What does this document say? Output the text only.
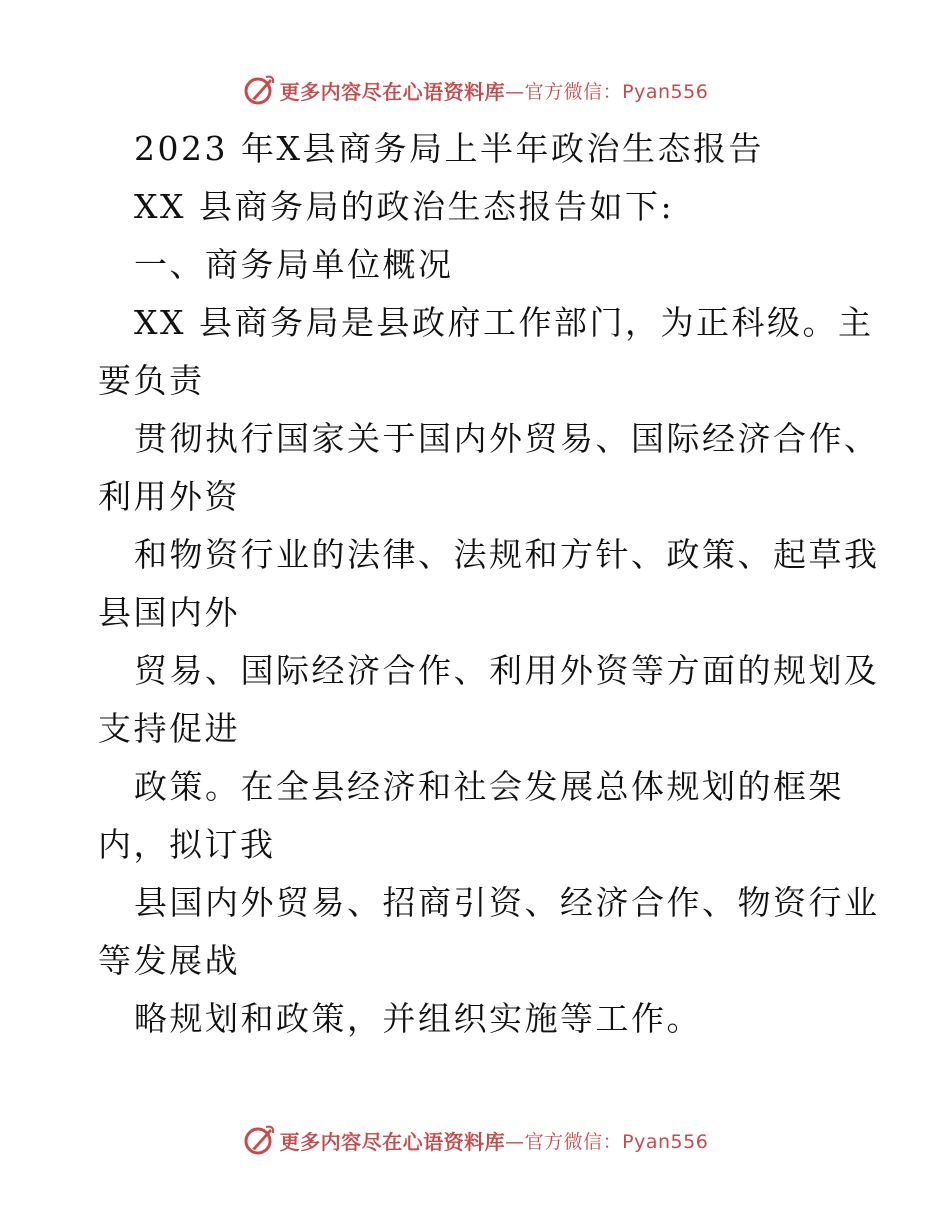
更多内容尽在心语资料库 —官方微信：Pyan556
2023 年X县商务局上半年政治生态报告
XX 县商务局的政治生态报告如下:
一、商务局单位概况
XX 县商务局是县政府工作部门，为正科级。主
要负责
贯彻执行国家关于国内外贸易、国际经济合作、
利用外资
和物资行业的法律、法规和方针、政策、起草我
县国内外
贸易、国际经济合作、利用外资等方面的规划及
支持促进
政策。在全县经济和社会发展总体规划的框架
内，拟订我
县国内外贸易、招商引资、经济合作、物资行业
等发展战
略规划和政策，并组织实施等工作。
更多内容尽在心语资料库 —官方微信：Pyan556
